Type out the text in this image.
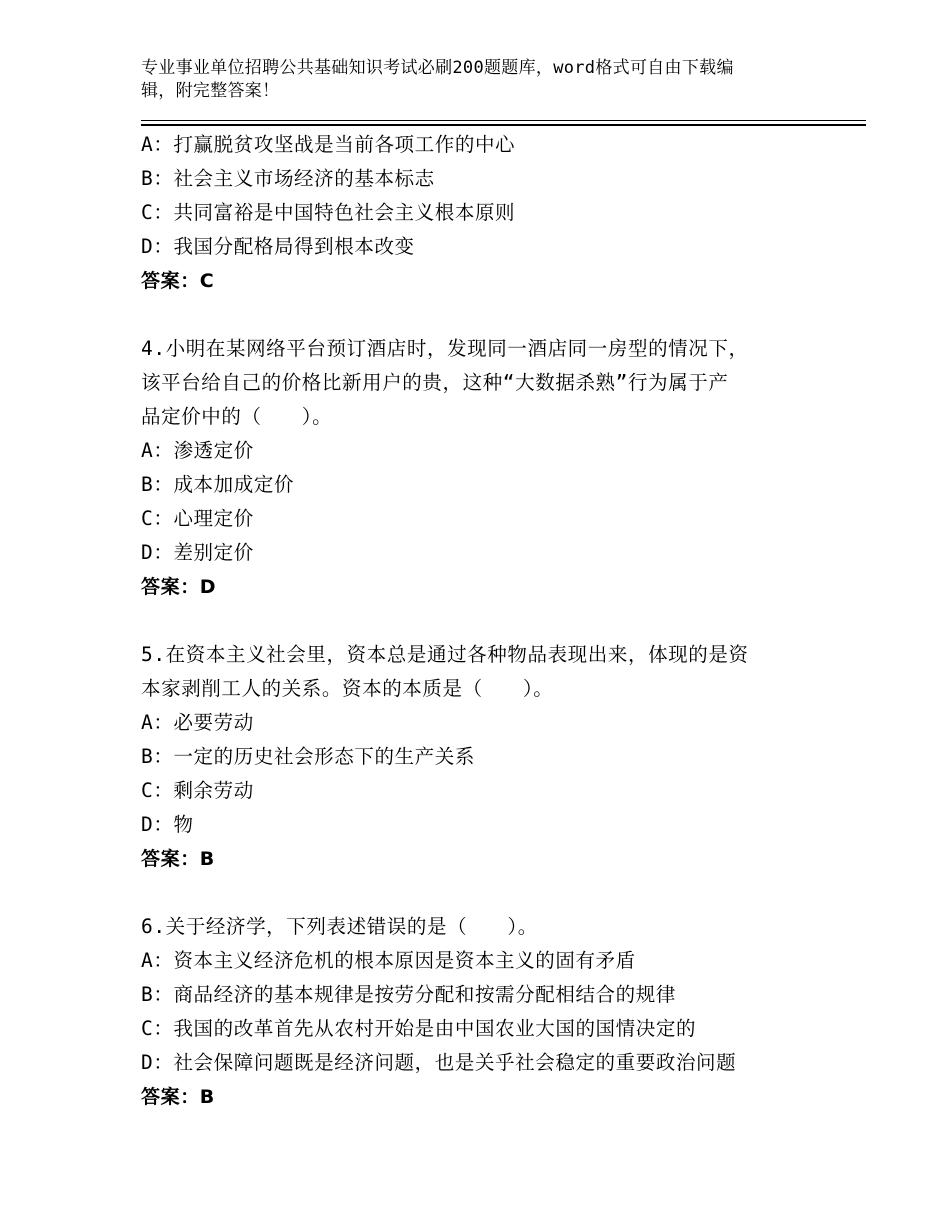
专业事业单位招聘公共基础知识考试必刷200题题库，word格式可自由下载编
辑，附完整答案！
A：打赢脱贫攻坚战是当前各项工作的中心
B：社会主义市场经济的基本标志
C：共同富裕是中国特色社会主义根本原则
D：我国分配格局得到根本改变
答案：C
4.小明在某网络平台预订酒店时，发现同一酒店同一房型的情况下，
该平台给自己的价格比新用户的贵，这种“大数据杀熟”行为属于产
品定价中的（　　）。
A：渗透定价
B：成本加成定价
C：心理定价
D：差别定价
答案：D
5.在资本主义社会里，资本总是通过各种物品表现出来，体现的是资
本家剥削工人的关系。资本的本质是（　　）。
A：必要劳动
B：一定的历史社会形态下的生产关系
C：剩余劳动
D：物
答案：B
6.关于经济学，下列表述错误的是（　　）。
A：资本主义经济危机的根本原因是资本主义的固有矛盾
B：商品经济的基本规律是按劳分配和按需分配相结合的规律
C：我国的改革首先从农村开始是由中国农业大国的国情决定的
D：社会保障问题既是经济问题，也是关乎社会稳定的重要政治问题
答案：B
